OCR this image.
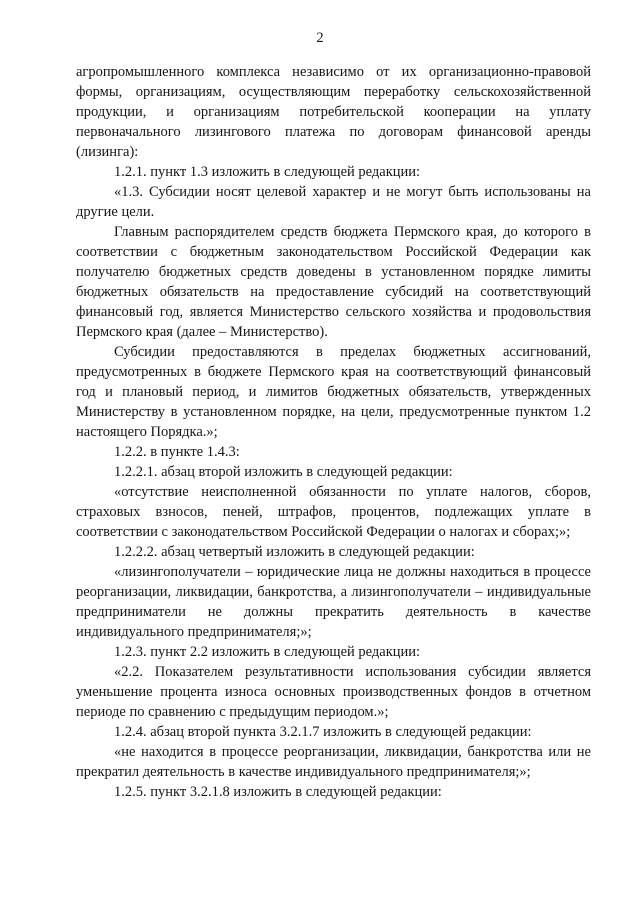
2

агропромышленного комплекса независимо от их организационно-правовой формы, организациям, осуществляющим переработку сельскохозяйственной продукции, и организациям потребительской кооперации на уплату первоначального лизингового платежа по договорам финансовой аренды (лизинга):

1.2.1. пункт 1.3 изложить в следующей редакции:

«1.3. Субсидии носят целевой характер и не могут быть использованы на другие цели.

Главным распорядителем средств бюджета Пермского края, до которого в соответствии с бюджетным законодательством Российской Федерации как получателю бюджетных средств доведены в установленном порядке лимиты бюджетных обязательств на предоставление субсидий на соответствующий финансовый год, является Министерство сельского хозяйства и продовольствия Пермского края (далее – Министерство).

Субсидии предоставляются в пределах бюджетных ассигнований, предусмотренных в бюджете Пермского края на соответствующий финансовый год и плановый период, и лимитов бюджетных обязательств, утвержденных Министерству в установленном порядке, на цели, предусмотренные пунктом 1.2 настоящего Порядка.»;

1.2.2. в пункте 1.4.3:

1.2.2.1. абзац второй изложить в следующей редакции:

«отсутствие неисполненной обязанности по уплате налогов, сборов, страховых взносов, пеней, штрафов, процентов, подлежащих уплате в соответствии с законодательством Российской Федерации о налогах и сборах;»;

1.2.2.2. абзац четвертый изложить в следующей редакции:

«лизингополучатели – юридические лица не должны находиться в процессе реорганизации, ликвидации, банкротства, а лизингополучатели – индивидуальные предприниматели не должны прекратить деятельность в качестве индивидуального предпринимателя;»;

1.2.3. пункт 2.2 изложить в следующей редакции:

«2.2. Показателем результативности использования субсидии является уменьшение процента износа основных производственных фондов в отчетном периоде по сравнению с предыдущим периодом.»;

1.2.4. абзац второй пункта 3.2.1.7 изложить в следующей редакции:

«не находится в процессе реорганизации, ликвидации, банкротства или не прекратил деятельность в качестве индивидуального предпринимателя;»;

1.2.5. пункт 3.2.1.8 изложить в следующей редакции:
